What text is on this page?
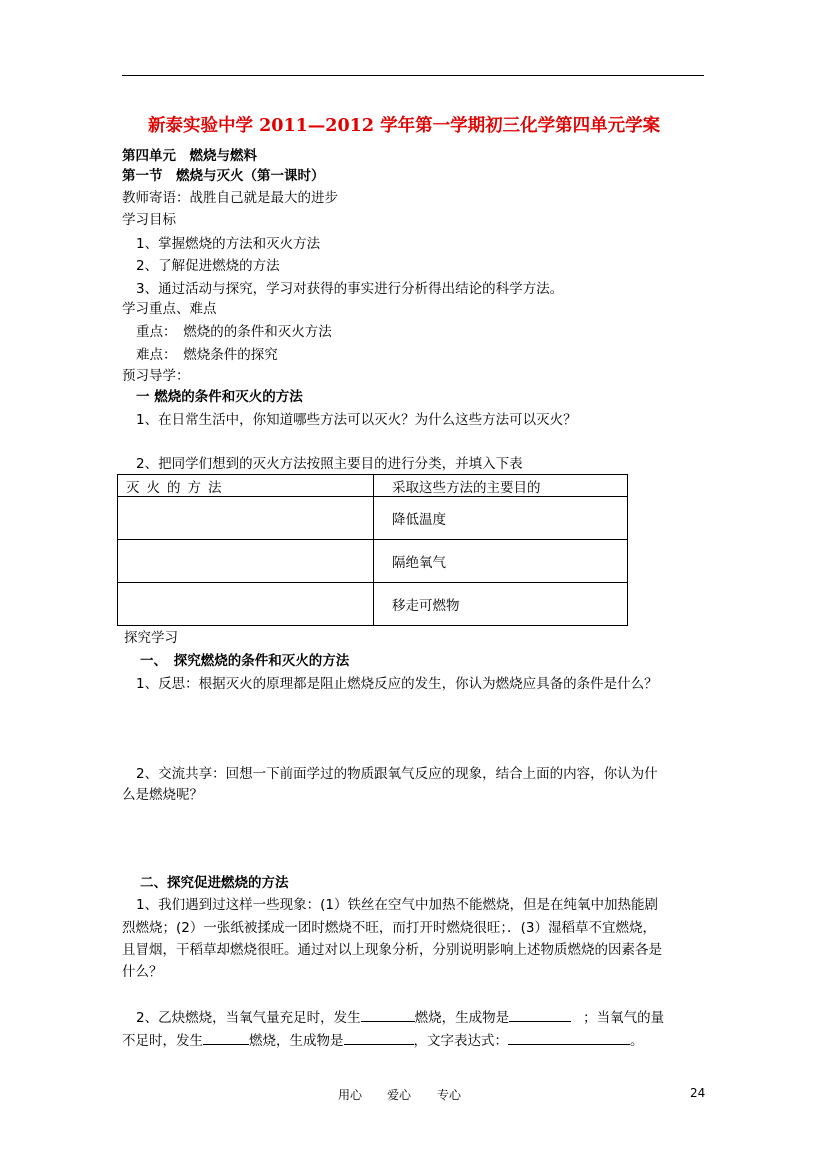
新泰实验中学 2011—2012 学年第一学期初三化学第四单元学案
第四单元　燃烧与燃料
第一节　燃烧与灭火（第一课时）
教师寄语：战胜自己就是最大的进步
学习目标
1、掌握燃烧的方法和灭火方法
2、了解促进燃烧的方法
3、通过活动与探究，学习对获得的事实进行分析得出结论的科学方法。
学习重点、难点
重点：　燃烧的的条件和灭火方法
难点：　燃烧条件的探究
预习导学：
一 燃烧的条件和灭火的方法
1、在日常生活中，你知道哪些方法可以灭火？为什么这些方法可以灭火？
2、把同学们想到的灭火方法按照主要目的进行分类，并填入下表
灭火的方法	采取这些方法的主要目的
	降低温度
	隔绝氧气
	移走可燃物
探究学习
一、　探究燃烧的条件和灭火的方法
1、反思：根据灭火的原理都是阻止燃烧反应的发生，你认为燃烧应具备的条件是什么？
2、交流共享：回想一下前面学过的物质跟氧气反应的现象，结合上面的内容，你认为什
么是燃烧呢？
二、探究促进燃烧的方法
1、我们遇到过这样一些现象：(1）铁丝在空气中加热不能燃烧，但是在纯氧中加热能剧
烈燃烧；(2）一张纸被揉成一团时燃烧不旺，而打开时燃烧很旺；．(3）湿稻草不宜燃烧，
且冒烟，干稻草却燃烧很旺。通过对以上现象分析，分别说明影响上述物质燃烧的因素各是
什么？
2、乙炔燃烧，当氧气量充足时，发生	燃烧，生成物是	；当氧气的量
不足时，发生	燃烧，生成物是	，文字表达式：	。
用心 爱心 专心	24
